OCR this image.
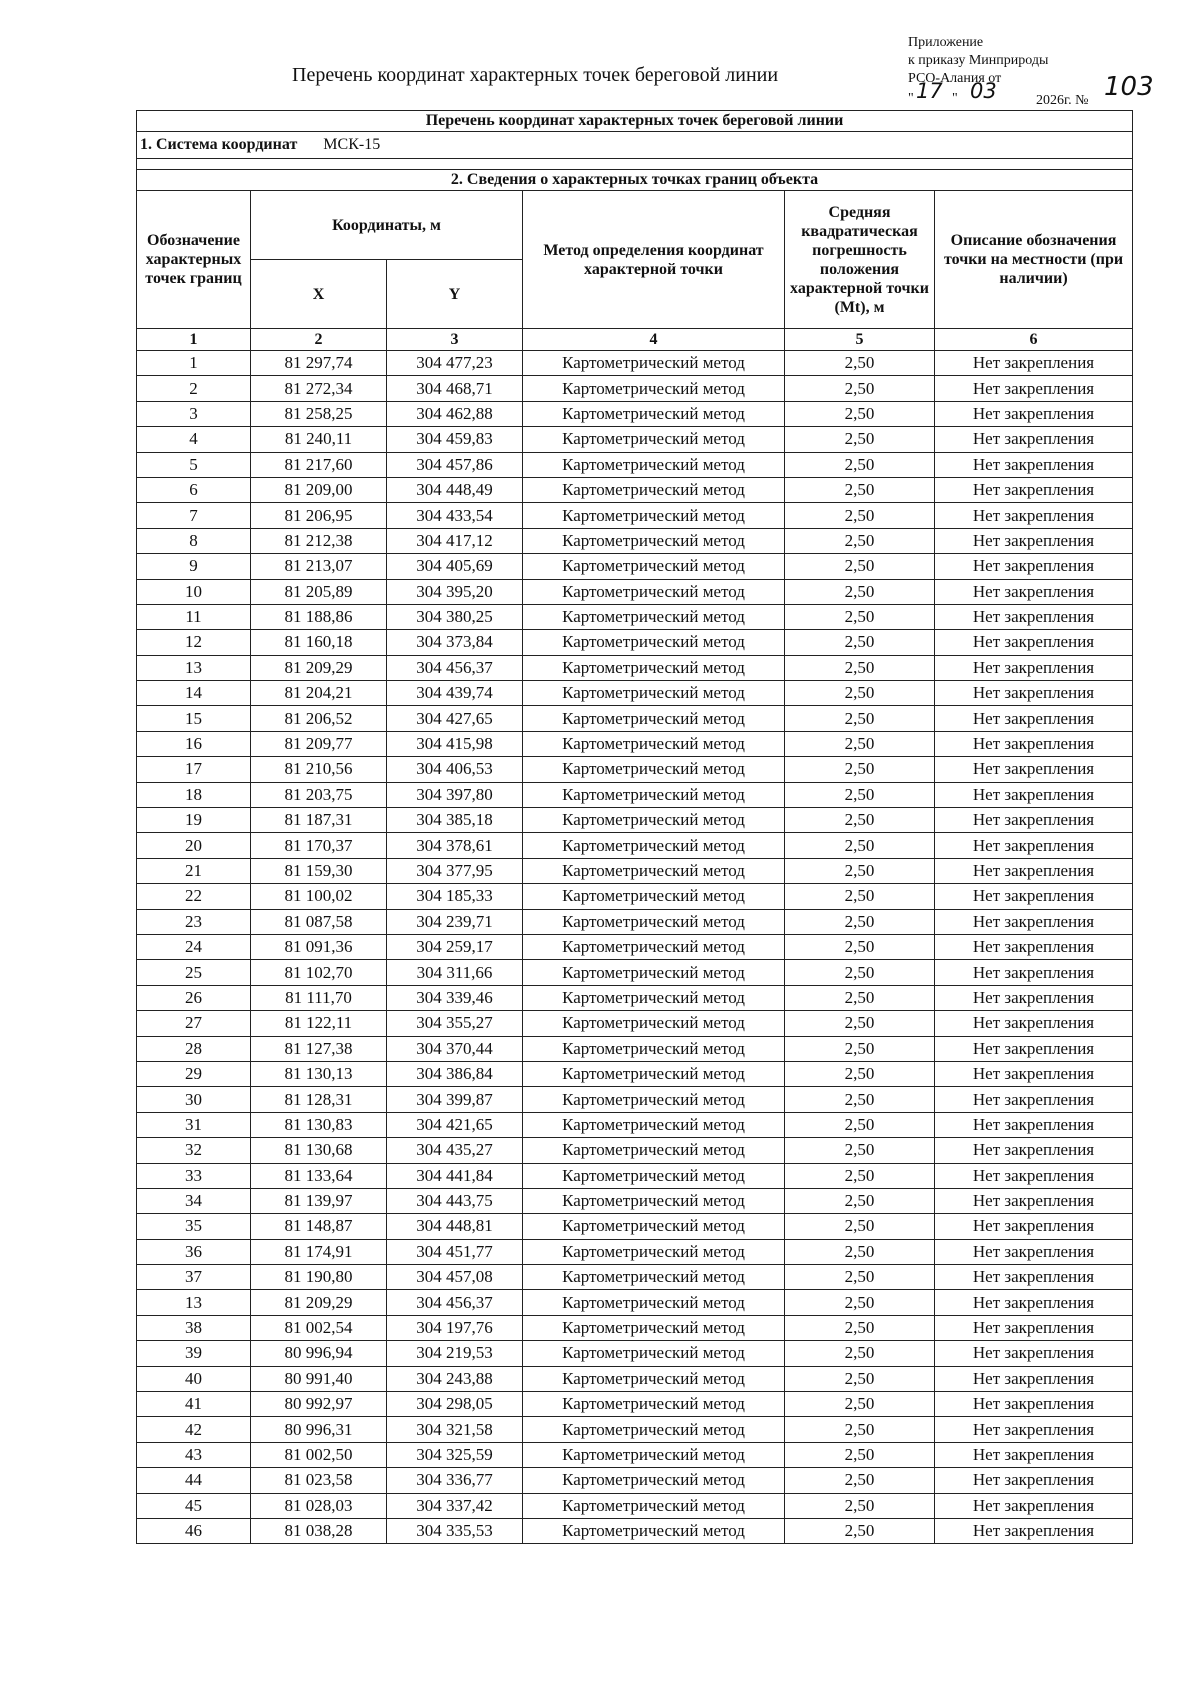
Перечень координат характерных точек береговой линии
Приложение
к приказу Минприроды
РСО-Алания от
" 17 " 03	2026г. № 103
Перечень координат характерных точек береговой линии					
1. Система координат МСК-15					

2. Сведения о характерных точках границ объекта					
Обозначение характерных точек границ	Координаты, м		Метод определения координат характерной точки	Средняя квадратическая погрешность положения характерной точки (Mt), м	Описание обозначения точки на местности (при наличии)
	X	Y			
1	2	3	4	5	6
1	81 297,74	304 477,23	Картометрический метод	2,50	Нет закрепления
2	81 272,34	304 468,71	Картометрический метод	2,50	Нет закрепления
3	81 258,25	304 462,88	Картометрический метод	2,50	Нет закрепления
4	81 240,11	304 459,83	Картометрический метод	2,50	Нет закрепления
5	81 217,60	304 457,86	Картометрический метод	2,50	Нет закрепления
6	81 209,00	304 448,49	Картометрический метод	2,50	Нет закрепления
7	81 206,95	304 433,54	Картометрический метод	2,50	Нет закрепления
8	81 212,38	304 417,12	Картометрический метод	2,50	Нет закрепления
9	81 213,07	304 405,69	Картометрический метод	2,50	Нет закрепления
10	81 205,89	304 395,20	Картометрический метод	2,50	Нет закрепления
11	81 188,86	304 380,25	Картометрический метод	2,50	Нет закрепления
12	81 160,18	304 373,84	Картометрический метод	2,50	Нет закрепления
13	81 209,29	304 456,37	Картометрический метод	2,50	Нет закрепления
14	81 204,21	304 439,74	Картометрический метод	2,50	Нет закрепления
15	81 206,52	304 427,65	Картометрический метод	2,50	Нет закрепления
16	81 209,77	304 415,98	Картометрический метод	2,50	Нет закрепления
17	81 210,56	304 406,53	Картометрический метод	2,50	Нет закрепления
18	81 203,75	304 397,80	Картометрический метод	2,50	Нет закрепления
19	81 187,31	304 385,18	Картометрический метод	2,50	Нет закрепления
20	81 170,37	304 378,61	Картометрический метод	2,50	Нет закрепления
21	81 159,30	304 377,95	Картометрический метод	2,50	Нет закрепления
22	81 100,02	304 185,33	Картометрический метод	2,50	Нет закрепления
23	81 087,58	304 239,71	Картометрический метод	2,50	Нет закрепления
24	81 091,36	304 259,17	Картометрический метод	2,50	Нет закрепления
25	81 102,70	304 311,66	Картометрический метод	2,50	Нет закрепления
26	81 111,70	304 339,46	Картометрический метод	2,50	Нет закрепления
27	81 122,11	304 355,27	Картометрический метод	2,50	Нет закрепления
28	81 127,38	304 370,44	Картометрический метод	2,50	Нет закрепления
29	81 130,13	304 386,84	Картометрический метод	2,50	Нет закрепления
30	81 128,31	304 399,87	Картометрический метод	2,50	Нет закрепления
31	81 130,83	304 421,65	Картометрический метод	2,50	Нет закрепления
32	81 130,68	304 435,27	Картометрический метод	2,50	Нет закрепления
33	81 133,64	304 441,84	Картометрический метод	2,50	Нет закрепления
34	81 139,97	304 443,75	Картометрический метод	2,50	Нет закрепления
35	81 148,87	304 448,81	Картометрический метод	2,50	Нет закрепления
36	81 174,91	304 451,77	Картометрический метод	2,50	Нет закрепления
37	81 190,80	304 457,08	Картометрический метод	2,50	Нет закрепления
13	81 209,29	304 456,37	Картометрический метод	2,50	Нет закрепления
38	81 002,54	304 197,76	Картометрический метод	2,50	Нет закрепления
39	80 996,94	304 219,53	Картометрический метод	2,50	Нет закрепления
40	80 991,40	304 243,88	Картометрический метод	2,50	Нет закрепления
41	80 992,97	304 298,05	Картометрический метод	2,50	Нет закрепления
42	80 996,31	304 321,58	Картометрический метод	2,50	Нет закрепления
43	81 002,50	304 325,59	Картометрический метод	2,50	Нет закрепления
44	81 023,58	304 336,77	Картометрический метод	2,50	Нет закрепления
45	81 028,03	304 337,42	Картометрический метод	2,50	Нет закрепления
46	81 038,28	304 335,53	Картометрический метод	2,50	Нет закрепления
